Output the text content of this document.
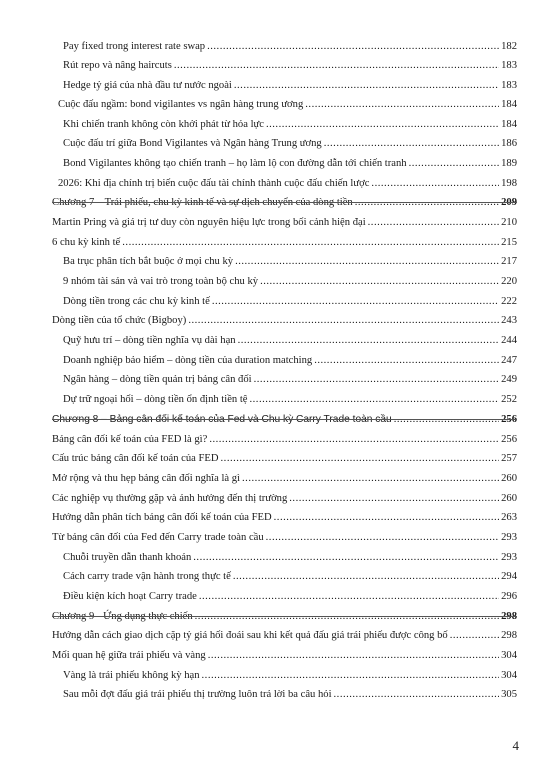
Pay fixed trong interest rate swap .....	182
Rút repo và nâng haircuts .....	183
Hedge tỷ giá của nhà đầu tư nước ngoài .....	183
Cuộc đấu ngầm: bond vigilantes vs ngân hàng trung ương .....	184
Khi chiến tranh không còn khởi phát từ hỏa lực .....	184
Cuộc đấu trí giữa Bond Vigilantes và Ngân hàng Trung ương .....	186
Bond Vigilantes không tạo chiến tranh – họ làm lộ con đường dẫn tới chiến tranh .....	189
2026: Khi địa chính trị biến cuộc đấu tài chính thành cuộc đấu chiến lược .....	198
Chương 7 – Trái phiếu, chu kỳ kinh tế và sự dịch chuyển của dòng tiền .....	209
Martin Pring và giá trị tư duy còn nguyên hiệu lực trong bối cảnh hiện đại .....	210
6 chu kỳ kinh tế .....	215
Ba trục phân tích bắt buộc ở mọi chu kỳ .....	217
9 nhóm tài sản và vai trò trong toàn bộ chu kỳ .....	220
Dòng tiền trong các chu kỳ kinh tế .....	222
Dòng tiền của tổ chức (Bigboy) .....	243
Quỹ hưu trí – dòng tiền nghĩa vụ dài hạn .....	244
Doanh nghiệp bảo hiểm – dòng tiền của duration matching .....	247
Ngân hàng – dòng tiền quản trị bảng cân đối .....	249
Dự trữ ngoại hối – dòng tiền ổn định tiền tệ .....	252
Chương 8 – Bảng cân đối kế toán của Fed và Chu kỳ Carry Trade toàn cầu .....	256
Bảng cân đối kế toán của FED là gì? .....	256
Cấu trúc bảng cân đối kế toán của FED .....	257
Mở rộng và thu hẹp bảng cân đối nghĩa là gì .....	260
Các nghiệp vụ thường gặp và ảnh hưởng đến thị trường .....	260
Hướng dẫn phân tích bảng cân đối kế toán của FED .....	263
Từ bảng cân đối của Fed đến Carry trade toàn cầu .....	293
Chuỗi truyền dẫn thanh khoản .....	293
Cách carry trade vận hành trong thực tế .....	294
Điều kiện kích hoạt Carry trade .....	296
Chương 9 - Ứng dụng thực chiến .....	298
Hướng dẫn cách giao dịch cặp tỷ giá hối đoái sau khi kết quả đấu giá trái phiếu được công bố .....	298
Mối quan hệ giữa trái phiếu và vàng .....	304
Vàng là trái phiếu không kỳ hạn .....	304
Sau mỗi đợt đấu giá trái phiếu thị trường luôn trả lời ba câu hỏi .....	305
4
